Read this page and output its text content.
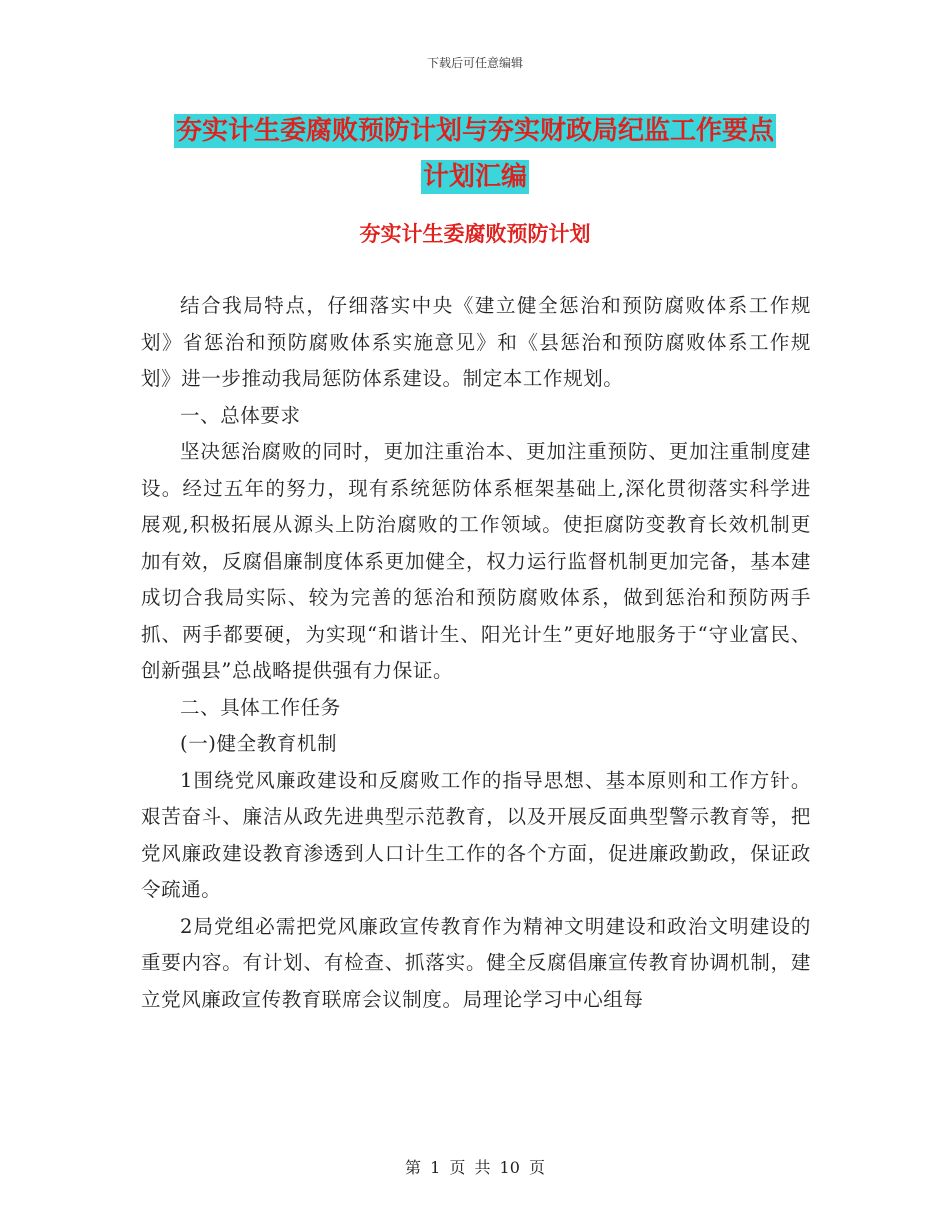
下载后可任意编辑
夯实计生委腐败预防计划与夯实财政局纪监工作要点
计划汇编
夯实计生委腐败预防计划

结合我局特点，仔细落实中央《建立健全惩治和预防腐败体系工作规划》省惩治和预防腐败体系实施意见》和《县惩治和预防腐败体系工作规划》进一步推动我局惩防体系建设。制定本工作规划。

一、总体要求

坚决惩治腐败的同时，更加注重治本、更加注重预防、更加注重制度建设。经过五年的努力，现有系统惩防体系框架基础上,深化贯彻落实科学进展观,积极拓展从源头上防治腐败的工作领域。使拒腐防变教育长效机制更加有效，反腐倡廉制度体系更加健全，权力运行监督机制更加完备，基本建成切合我局实际、较为完善的惩治和预防腐败体系，做到惩治和预防两手抓、两手都要硬，为实现“和谐计生、阳光计生”更好地服务于“守业富民、创新强县”总战略提供强有力保证。

二、具体工作任务

(一)健全教育机制

1围绕党风廉政建设和反腐败工作的指导思想、基本原则和工作方针。艰苦奋斗、廉洁从政先进典型示范教育，以及开展反面典型警示教育等，把党风廉政建设教育渗透到人口计生工作的各个方面，促进廉政勤政，保证政令疏通。

2局党组必需把党风廉政宣传教育作为精神文明建设和政治文明建设的重要内容。有计划、有检查、抓落实。健全反腐倡廉宣传教育协调机制，建立党风廉政宣传教育联席会议制度。局理论学习中心组每

第 1 页 共 10 页
